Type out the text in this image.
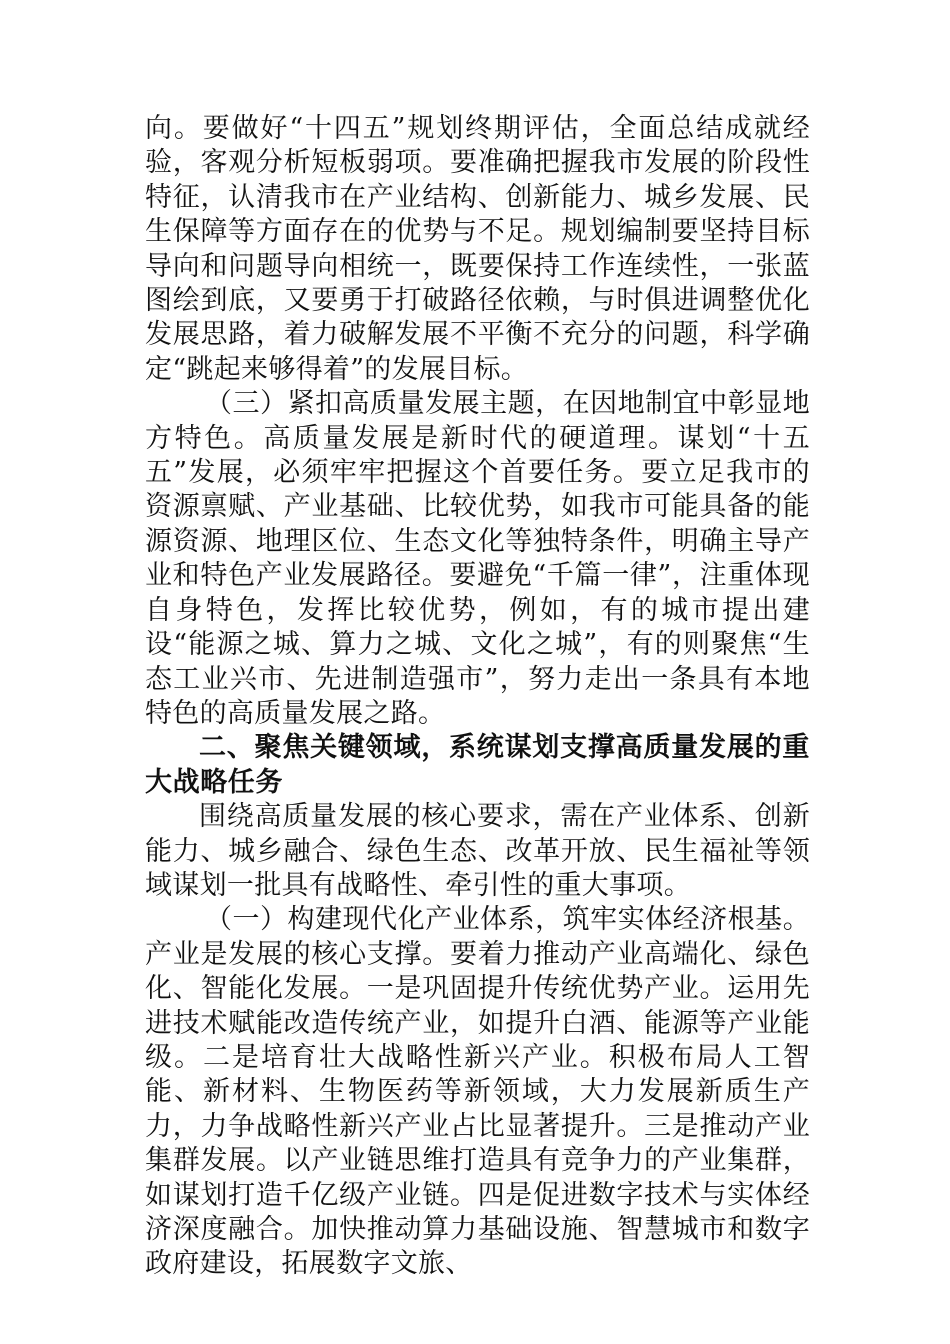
向。要做好“十四五”规划终期评估，全面总结成就经验，客观分析短板弱项。要准确把握我市发展的阶段性特征，认清我市在产业结构、创新能力、城乡发展、民生保障等方面存在的优势与不足。规划编制要坚持目标导向和问题导向相统一，既要保持工作连续性，一张蓝图绘到底，又要勇于打破路径依赖，与时俱进调整优化发展思路，着力破解发展不平衡不充分的问题，科学确定“跳起来够得着”的发展目标。

（三）紧扣高质量发展主题，在因地制宜中彰显地方特色。高质量发展是新时代的硬道理。谋划“十五五”发展，必须牢牢把握这个首要任务。要立足我市的资源禀赋、产业基础、比较优势，如我市可能具备的能源资源、地理区位、生态文化等独特条件，明确主导产业和特色产业发展路径。要避免“千篇一律”，注重体现自身特色，发挥比较优势，例如，有的城市提出建设“能源之城、算力之城、文化之城”，有的则聚焦“生态工业兴市、先进制造强市”，努力走出一条具有本地特色的高质量发展之路。

二、聚焦关键领域，系统谋划支撑高质量发展的重大战略任务

围绕高质量发展的核心要求，需在产业体系、创新能力、城乡融合、绿色生态、改革开放、民生福祉等领域谋划一批具有战略性、牵引性的重大事项。

（一）构建现代化产业体系，筑牢实体经济根基。产业是发展的核心支撑。要着力推动产业高端化、绿色化、智能化发展。一是巩固提升传统优势产业。运用先进技术赋能改造传统产业，如提升白酒、能源等产业能级。二是培育壮大战略性新兴产业。积极布局人工智能、新材料、生物医药等新领域，大力发展新质生产力，力争战略性新兴产业占比显著提升。三是推动产业集群发展。以产业链思维打造具有竞争力的产业集群，如谋划打造千亿级产业链。四是促进数字技术与实体经济深度融合。加快推动算力基础设施、智慧城市和数字政府建设，拓展数字文旅、
